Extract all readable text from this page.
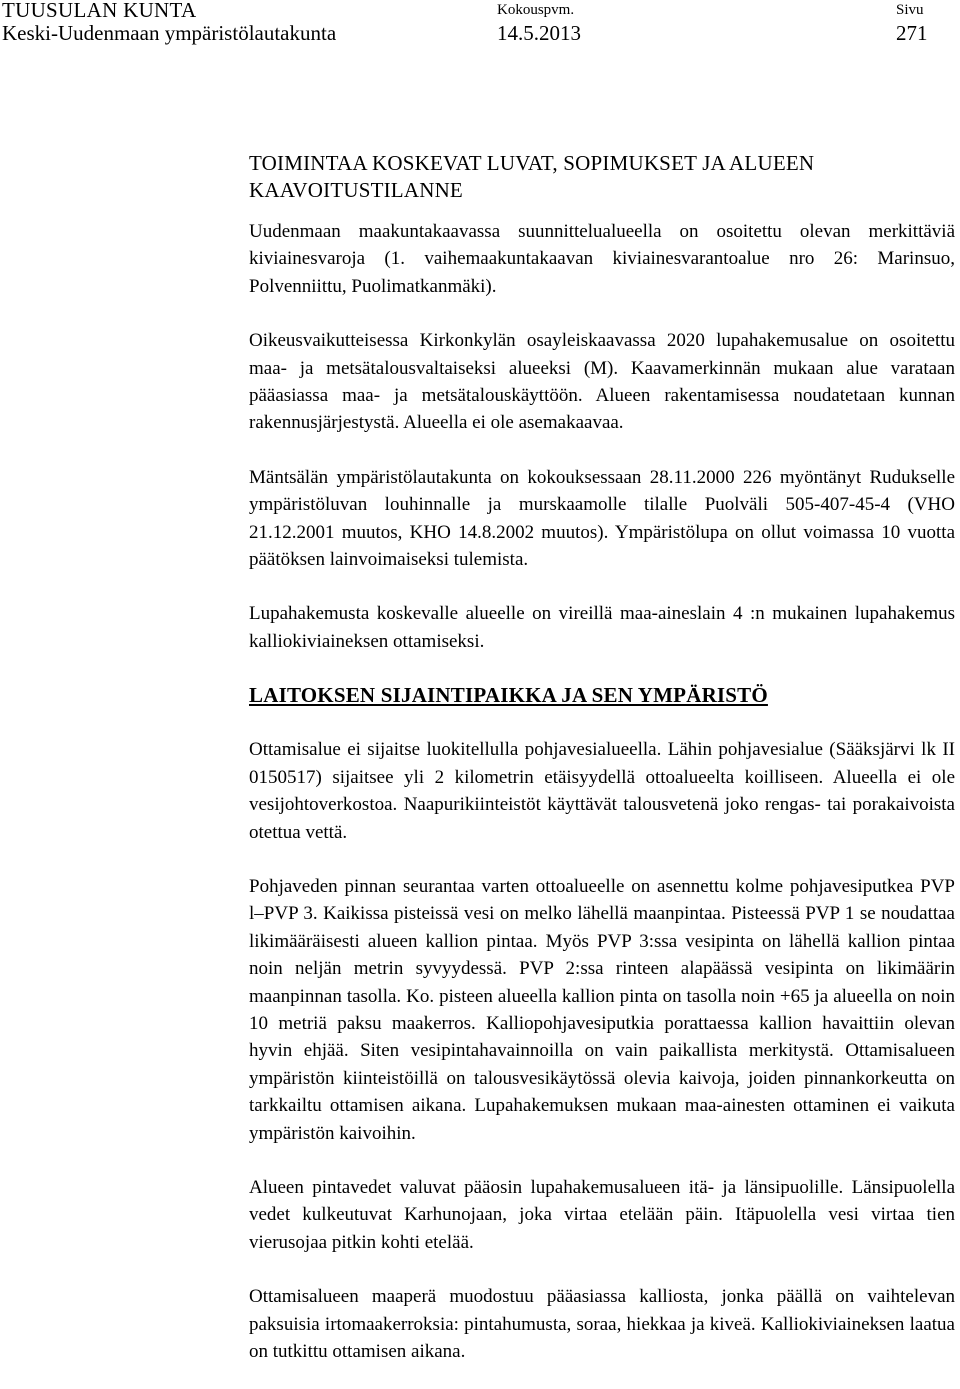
TUUSULAN KUNTA
Keski-Uudenmaan ympäristölautakunta
Kokouspvm.
14.5.2013
Sivu
271

TOIMINTAA KOSKEVAT LUVAT, SOPIMUKSET JA ALUEEN
KAAVOITUSTILANNE

Uudenmaan maakuntakaavassa suunnittelualueella on osoitettu olevan merkittäviä kiviainesvaroja (1. vaihemaakuntakaavan kiviainesvarantoalue nro 26: Marinsuo, Polvenniittu, Puolimatkanmäki).

Oikeusvaikutteisessa Kirkonkylän osayleiskaavassa 2020 lupahakemusalue on osoitettu maa- ja metsätalousvaltaiseksi alueeksi (M). Kaavamerkinnän mukaan alue varataan pääasiassa maa- ja metsätalouskäyttöön. Alueen rakentamisessa noudatetaan kunnan rakennusjärjestystä. Alueella ei ole asemakaavaa.

Mäntsälän ympäristölautakunta on kokouksessaan 28.11.2000 226 myöntänyt Rudukselle ympäristöluvan louhinnalle ja murskaamolle tilalle Puolväli 505-407-45-4 (VHO 21.12.2001 muutos, KHO 14.8.2002 muutos). Ympäristölupa on ollut voimassa 10 vuotta päätöksen lainvoimaiseksi tulemista.

Lupahakemusta koskevalle alueelle on vireillä maa-aineslain 4 :n mukainen lupahakemus kalliokiviaineksen ottamiseksi.

LAITOKSEN SIJAINTIPAIKKA JA SEN YMPÄRISTÖ

Ottamisalue ei sijaitse luokitellulla pohjavesialueella. Lähin pohjavesialue (Sääksjärvi lk II 0150517) sijaitsee yli 2 kilometrin etäisyydellä ottoalueelta koilliseen. Alueella ei ole vesijohtoverkostoa. Naapurikiinteistöt käyttävät talousvetenä joko rengas- tai porakaivoista otettua vettä.

Pohjaveden pinnan seurantaa varten ottoalueelle on asennettu kolme pohjavesiputkea PVP l–PVP 3. Kaikissa pisteissä vesi on melko lähellä maanpintaa. Pisteessä PVP 1 se noudattaa likimääräisesti alueen kallion pintaa. Myös PVP 3:ssa vesipinta on lähellä kallion pintaa noin neljän metrin syvyydessä. PVP 2:ssa rinteen alapäässä vesipinta on likimäärin maanpinnan tasolla. Ko. pisteen alueella kallion pinta on tasolla noin +65 ja alueella on noin 10 metriä paksu maakerros. Kalliopohjavesiputkia porattaessa kallion havaittiin olevan hyvin ehjää. Siten vesipintahavainnoilla on vain paikallista merkitystä. Ottamisalueen ympäristön kiinteistöillä on talousvesikäytössä olevia kaivoja, joiden pinnankorkeutta on tarkkailtu ottamisen aikana. Lupahakemuksen mukaan maa-ainesten ottaminen ei vaikuta ympäristön kaivoihin.

Alueen pintavedet valuvat pääosin lupahakemusalueen itä- ja länsipuolille. Länsipuolella vedet kulkeutuvat Karhunojaan, joka virtaa etelään päin. Itäpuolella vesi virtaa tien vierusojaa pitkin kohti etelää.

Ottamisalueen maaperä muodostuu pääasiassa kalliosta, jonka päällä on vaihtelevan paksuisia irtomaakerroksia: pintahumusta, soraa, hiekkaa ja kiveä. Kalliokiviaineksen laatua on tutkittu ottamisen aikana.
